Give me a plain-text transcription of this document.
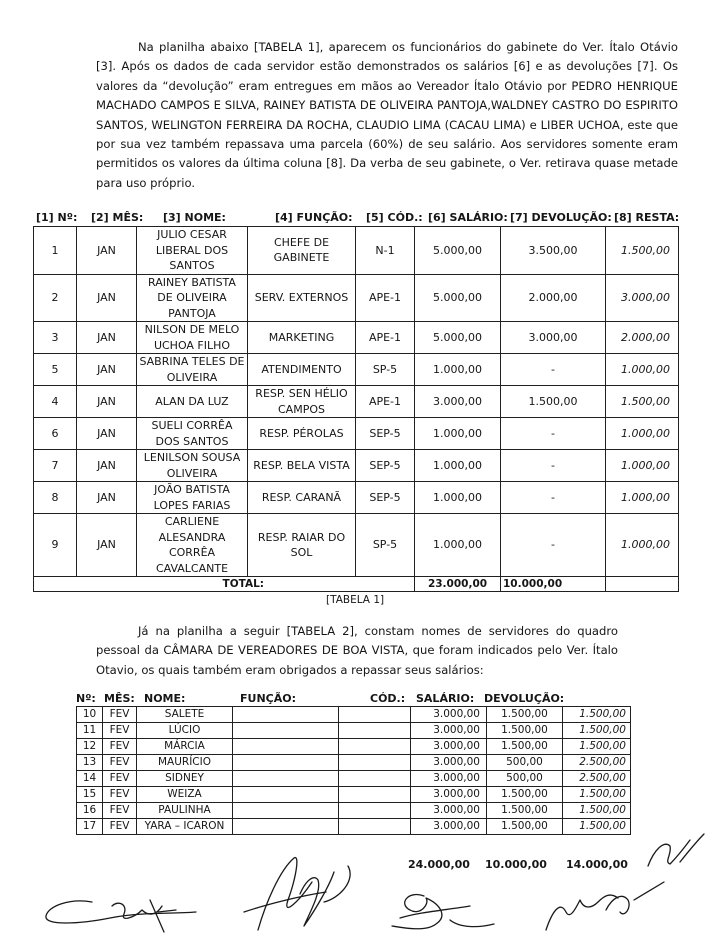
Na planilha abaixo [TABELA 1], aparecem os funcionários do gabinete do Ver. Ítalo Otávio [3]. Após os dados de cada servidor estão demonstrados os salários [6] e as devoluções [7]. Os valores da “devolução” eram entregues em mãos ao Vereador Ítalo Otávio por PEDRO HENRIQUE MACHADO CAMPOS E SILVA, RAINEY BATISTA DE OLIVEIRA PANTOJA,WALDNEY CASTRO DO ESPIRITO SANTOS, WELINGTON FERREIRA DA ROCHA, CLAUDIO LIMA (CACAU LIMA) e LIBER UCHOA, este que por sua vez também repassava uma parcela (60%) de seu salário. Aos servidores somente eram permitidos os valores da última coluna [8]. Da verba de seu gabinete, o Ver. retirava quase metade para uso próprio.

[1] Nº: [2] MÊS: [3] NOME:	[4] FUNÇÃO: [5] CÓD.: [6] SALÁRIO: [7] DEVOLUÇÃO: [8] RESTA:
1	JAN	JULIO CESAR LIBERAL DOS SANTOS	CHEFE DE GABINETE	N-1	5.000,00	3.500,00	1.500,00
2	JAN	RAINEY BATISTA DE OLIVEIRA PANTOJA	SERV. EXTERNOS	APE-1	5.000,00	2.000,00	3.000,00
3	JAN	NILSON DE MELO UCHOA FILHO	MARKETING	APE-1	5.000,00	3.000,00	2.000,00
5	JAN	SABRINA TELES DE OLIVEIRA	ATENDIMENTO	SP-5	1.000,00	-	1.000,00
4	JAN	ALAN DA LUZ	RESP. SEN HÉLIO CAMPOS	APE-1	3.000,00	1.500,00	1.500,00
6	JAN	SUELI CORRÊA DOS SANTOS	RESP. PÉROLAS	SEP-5	1.000,00	-	1.000,00
7	JAN	LENILSON SOUSA OLIVEIRA	RESP. BELA VISTA	SEP-5	1.000,00	-	1.000,00
8	JAN	JOÃO BATISTA LOPES FARIAS	RESP. CARANÃ	SEP-5	1.000,00	-	1.000,00
9	JAN	CARLIENE ALESANDRA CORRÊA CAVALCANTE	RESP. RAIAR DO SOL	SP-5	1.000,00	-	1.000,00
TOTAL:					23.000,00	10.000,00	
[TABELA 1]

Já na planilha a seguir [TABELA 2], constam nomes de servidores do quadro pessoal da CÂMARA DE VEREADORES DE BOA VISTA, que foram indicados pelo Ver. Ítalo Otavio, os quais também eram obrigados a repassar seus salários:

Nº: MÊS: NOME:	FUNÇÃO:	CÓD.: SALÁRIO: DEVOLUÇÃO:
10	FEV	SALETE			3.000,00	1.500,00	1.500,00
11	FEV	LÚCIO			3.000,00	1.500,00	1.500,00
12	FEV	MÁRCIA			3.000,00	1.500,00	1.500,00
13	FEV	MAURÍCIO			3.000,00	500,00	2.500,00
14	FEV	SIDNEY			3.000,00	500,00	2.500,00
15	FEV	WEIZA			3.000,00	1.500,00	1.500,00
16	FEV	PAULINHA			3.000,00	1.500,00	1.500,00
17	FEV	YARA – ICARON			3.000,00	1.500,00	1.500,00
24.000,00 10.000,00 14.000,00
